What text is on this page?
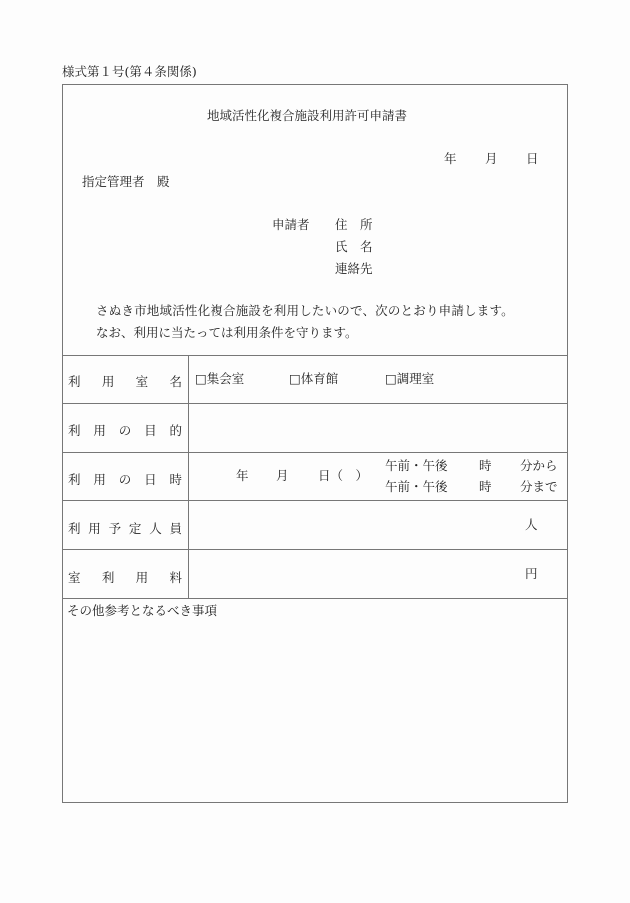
様式第１号(第４条関係)
地域活性化複合施設利用許可申請書
年 月 日
指定管理者　殿
申請者 住　所
氏　名
連絡先
さぬき市地域活性化複合施設を利用したいので、次のとおり申請します。
なお、利用に当たっては利用条件を守ります。
利 用 室 名 □集会室	□体育館	□調理室
利 用 の 目 的
利 用 の 日 時	年 月 日（　）
午前・午後	時 分から
午前・午後	時 分まで
利 用 予 定 人 員	人
室 利 用 料	円
その他参考となるべき事項
